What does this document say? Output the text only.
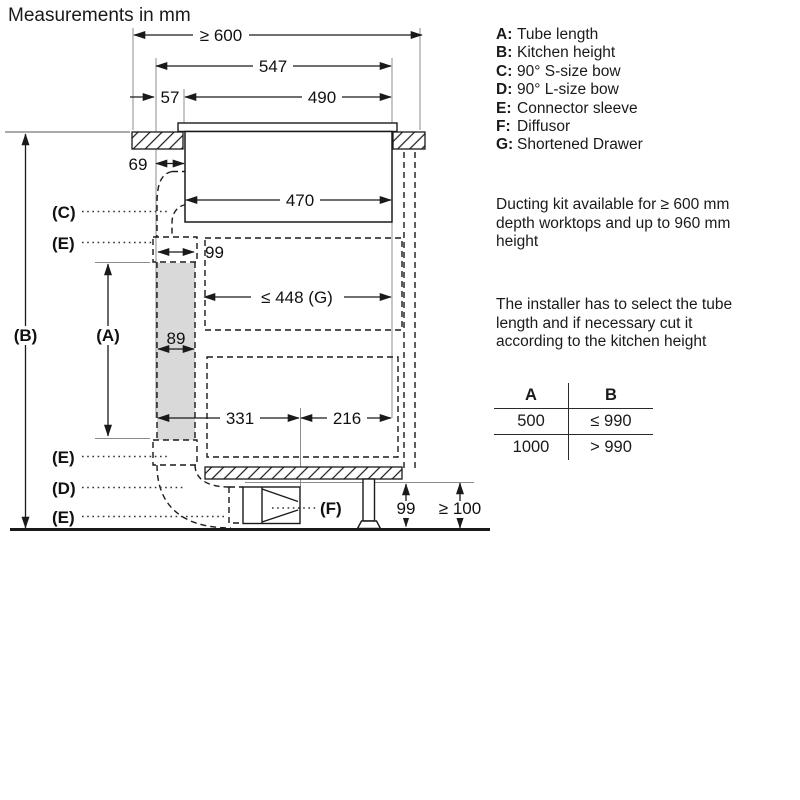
Measurements in mm
≥ 600
547
57	490
69
470
99
≤ 448 (G)
89
331	216
99 ≥ 100
(C)
(E)
(B)	(A)
(E)
(D)
(E)	(F)
A: Tube length
B: Kitchen height
C: 90° S-size bow
D: 90° L-size bow
E: Connector sleeve
F: Diffusor
G: Shortened Drawer
Ducting kit available for ≥ 600 mm depth worktops and up to 960 mm height
The installer has to select the tube length and if necessary cut it according to the kitchen height
A	B
500	≤ 990
1000	> 990
